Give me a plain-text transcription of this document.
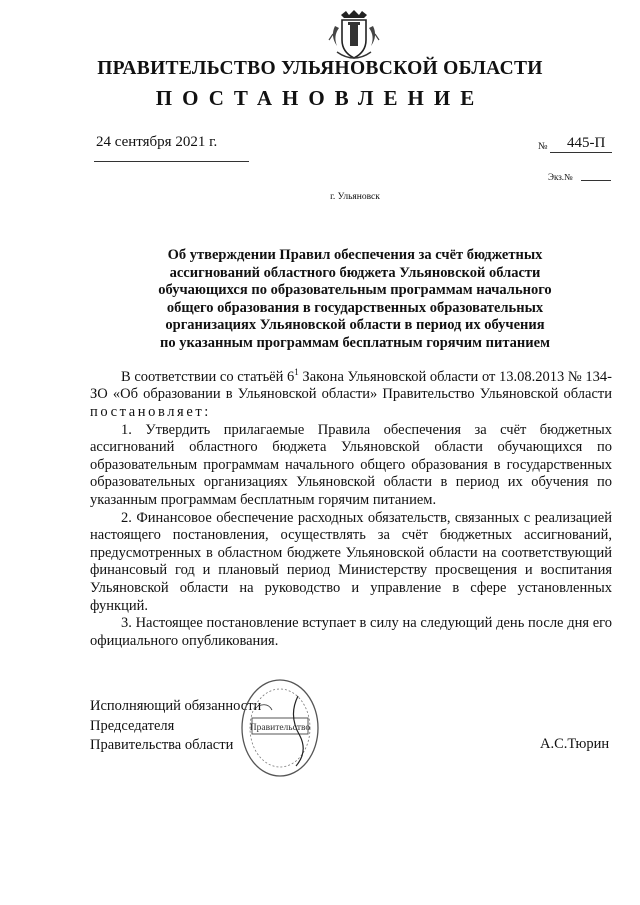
ПРАВИТЕЛЬСТВО УЛЬЯНОВСКОЙ ОБЛАСТИ
ПОСТАНОВЛЕНИЕ
24 сентября 2021 г.	№ 445-П
Экз.№
г. Ульяновск
Об утверждении Правил обеспечения за счёт бюджетных
ассигнований областного бюджета Ульяновской области
обучающихся по образовательным программам начального
общего образования в государственных образовательных
организациях Ульяновской области в период их обучения
по указанным программам бесплатным горячим питанием

В соответствии со статьёй $6^1$ Закона Ульяновской области от 13.08.2013 № 134-ЗО «Об образовании в Ульяновской области» Правительство Ульяновской области постановляет:

1. Утвердить прилагаемые Правила обеспечения за счёт бюджетных ассигнований областного бюджета Ульяновской области обучающихся по образовательным программам начального общего образования в государственных образовательных организациях Ульяновской области в период их обучения по указанным программам бесплатным горячим питанием.

2. Финансовое обеспечение расходных обязательств, связанных с реализацией настоящего постановления, осуществлять за счёт бюджетных ассигнований, предусмотренных в областном бюджете Ульяновской области на соответствующий финансовый год и плановый период Министерству просвещения и воспитания Ульяновской области на руководство и управление в сфере установленных функций.

3. Настоящее постановление вступает в силу на следующий день после дня его официального опубликования.

Исполняющий обязанности
Председателя
Правительства области
Правительство
А.С.Тюрин
